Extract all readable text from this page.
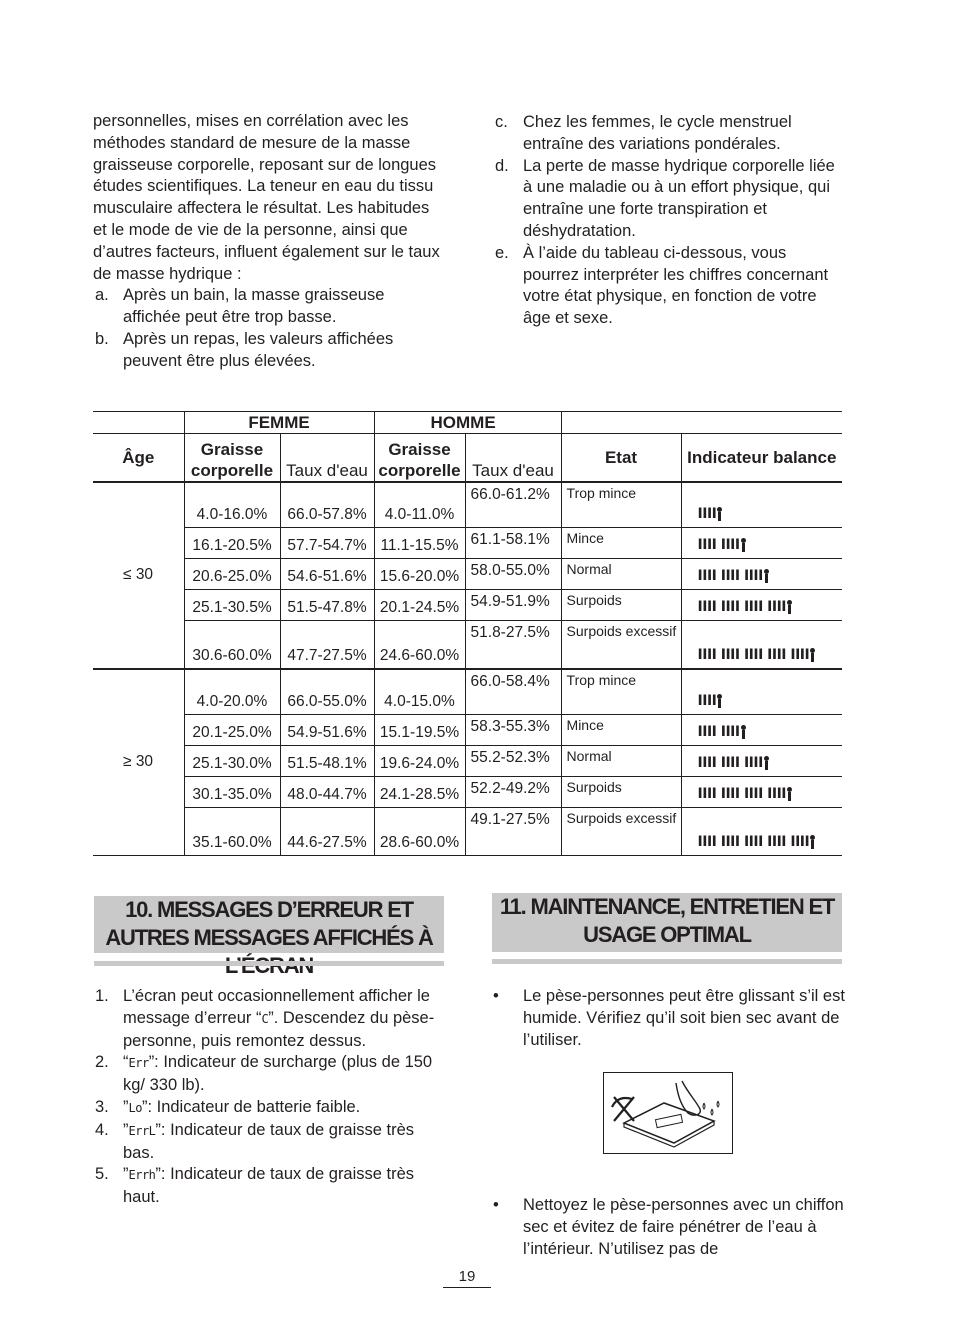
personnelles, mises en corrélation avec les méthodes standard de mesure de la masse graisseuse corporelle, reposant sur de longues études scientifiques. La teneur en eau du tissu musculaire affectera le résultat. Les habitudes et le mode de vie de la personne, ainsi que d’autres facteurs, influent également sur le taux de masse hydrique :
a. Après un bain, la masse graisseuse affichée peut être trop basse.
b. Après un repas, les valeurs affichées peuvent être plus élevées.
c. Chez les femmes, le cycle menstruel entraîne des variations pondérales.
d. La perte de masse hydrique corporelle liée à une maladie ou à un effort physique, qui entraîne une forte transpiration et déshydratation.
e. À l’aide du tableau ci-dessous, vous pourrez interpréter les chiffres concernant votre état physique, en fonction de votre âge et sexe.
	FEMME		HOMME			
Âge	Graisse corporelle	Taux d'eau	Graisse corporelle	Taux d'eau	Etat	Indicateur balance
≤ 30	4.0-16.0%	66.0-57.8%	4.0-11.0%	66.0-61.2%	Trop mince	IIII
	16.1-20.5%	57.7-54.7%	11.1-15.5%	61.1-58.1%	Mince	IIII IIII
	20.6-25.0%	54.6-51.6%	15.6-20.0%	58.0-55.0%	Normal	IIII IIII IIII
	25.1-30.5%	51.5-47.8%	20.1-24.5%	54.9-51.9%	Surpoids	IIII IIII IIII IIII
	30.6-60.0%	47.7-27.5%	24.6-60.0%	51.8-27.5%	Surpoids excessif	IIII IIII IIII IIII IIII
≥ 30	4.0-20.0%	66.0-55.0%	4.0-15.0%	66.0-58.4%	Trop mince	IIII
	20.1-25.0%	54.9-51.6%	15.1-19.5%	58.3-55.3%	Mince	IIII IIII
	25.1-30.0%	51.5-48.1%	19.6-24.0%	55.2-52.3%	Normal	IIII IIII IIII
	30.1-35.0%	48.0-44.7%	24.1-28.5%	52.2-49.2%	Surpoids	IIII IIII IIII IIII
	35.1-60.0%	44.6-27.5%	28.6-60.0%	49.1-27.5%	Surpoids excessif	IIII IIII IIII IIII IIII
10. MESSAGES D’ERREUR ET AUTRES MESSAGES AFFICHÉS À
1. L’écran peut occasionnellement afficher le message d’erreur “C”. Descendez du pèse-personne, puis remontez dessus.
2. “Err”: Indicateur de surcharge (plus de 150 kg/ 330 lb).
3. ”Lo”: Indicateur de batterie faible.
4. ”ErrL”: Indicateur de taux de graisse très bas.
5. ”Errh”: Indicateur de taux de graisse très haut.
11. MAINTENANCE, ENTRETIEN ET USAGE OPTIMAL
• Le pèse-personnes peut être glissant s’il est humide. Vérifiez qu’il soit bien sec avant de l’utiliser.
• Nettoyez le pèse-personnes avec un chiffon sec et évitez de faire pénétrer de l’eau à l’intérieur. N’utilisez pas de
19
